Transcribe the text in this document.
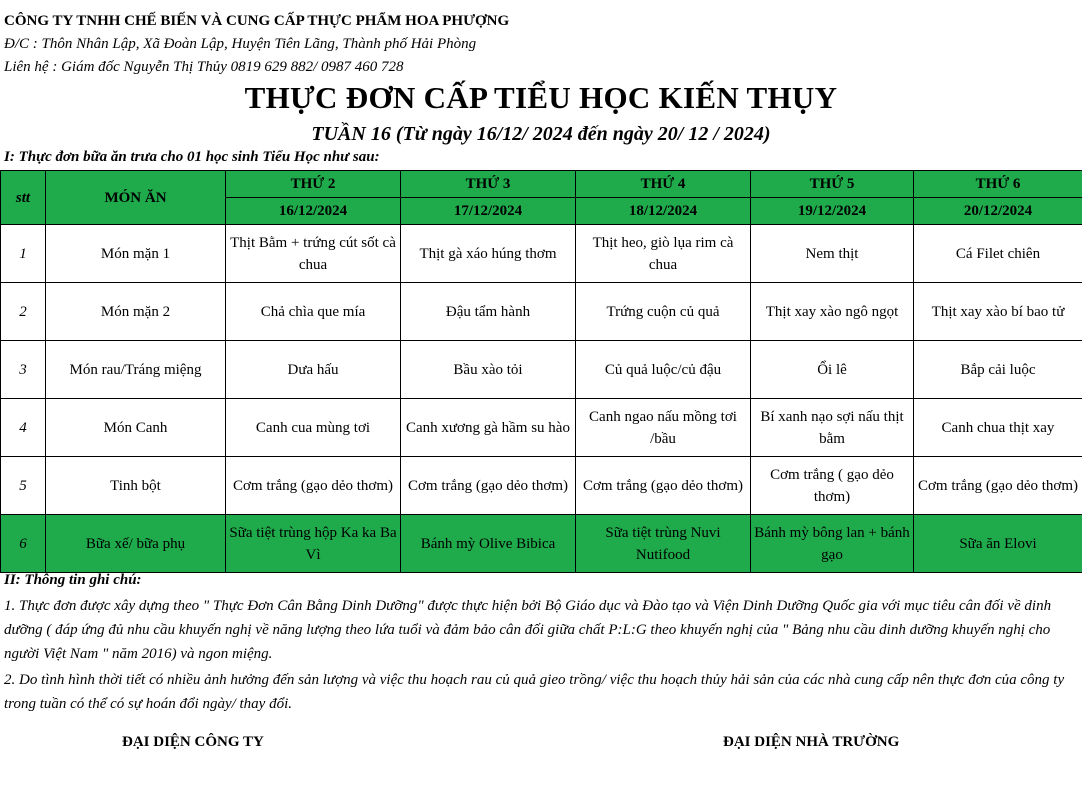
CÔNG TY TNHH CHẾ BIẾN VÀ CUNG CẤP THỰC PHẨM HOA PHƯỢNG
Đ/C : Thôn Nhân Lập, Xã Đoàn Lập, Huyện Tiên Lãng, Thành phố Hải Phòng
Liên hệ : Giám đốc Nguyễn Thị Thủy 0819 629 882/ 0987 460 728
THỰC ĐƠN CẤP TIỂU HỌC KIẾN THỤY
TUẦN 16 (Từ ngày 16/12/ 2024 đến ngày 20/ 12 / 2024)
I: Thực đơn bữa ăn trưa cho 01 học sinh Tiểu Học như sau:
stt	MÓN ĂN	THỨ 2	THỨ 3	THỨ 4	THỨ 5	THỨ 6
		16/12/2024	17/12/2024	18/12/2024	19/12/2024	20/12/2024
1	Món mặn 1	Thịt Bằm + trứng cút sốt cà chua	Thịt gà xáo húng thơm	Thịt heo, giò lụa rim cà chua	Nem thịt	Cá Filet chiên
2	Món mặn 2	Chả chìa que mía	Đậu tẩm hành	Trứng cuộn củ quả	Thịt xay xào ngô ngọt	Thịt xay xào bí bao tử
3	Món rau/Tráng miệng	Dưa hấu	Bầu xào tỏi	Củ quả luộc/củ đậu	Ổi lê	Bắp cải luộc
4	Món Canh	Canh cua mùng tơi	Canh xương gà hầm su hào	Canh ngao nấu mồng tơi /bầu	Bí xanh nạo sợi nấu thịt bằm	Canh chua thịt xay
5	Tinh bột	Cơm trắng (gạo dẻo thơm)	Cơm trắng (gạo dẻo thơm)	Cơm trắng (gạo dẻo thơm)	Cơm trắng ( gạo dẻo thơm)	Cơm trắng (gạo dẻo thơm)
6	Bữa xế/ bữa phụ	Sữa tiệt trùng hộp Ka ka Ba Vì	Bánh mỳ Olive Bibica	Sữa tiệt trùng Nuvi Nutifood	Bánh mỳ bông lan + bánh gạo	Sữa ăn Elovi
II: Thông tin ghi chú:
1. Thực đơn được xây dựng theo " Thực Đơn Cân Bằng Dinh Dưỡng" được thực hiện bởi Bộ Giáo dục và Đào tạo và Viện Dinh Dưỡng Quốc gia với mục tiêu cân đối về dinh dưỡng ( đáp ứng đủ nhu cầu khuyến nghị về năng lượng theo lứa tuổi và đảm bảo cân đối giữa chất P:L:G theo khuyến nghị của " Bảng nhu cầu dinh dưỡng khuyến nghị cho người Việt Nam " năm 2016) và ngon miệng.
2. Do tình hình thời tiết có nhiều ảnh hưởng đến sản lượng và việc thu hoạch rau củ quả gieo trồng/ việc thu hoạch thủy hải sản của các nhà cung cấp nên thực đơn của công ty trong tuần có thể có sự hoán đổi ngày/ thay đổi.
ĐẠI DIỆN CÔNG TY	ĐẠI DIỆN NHÀ TRƯỜNG
